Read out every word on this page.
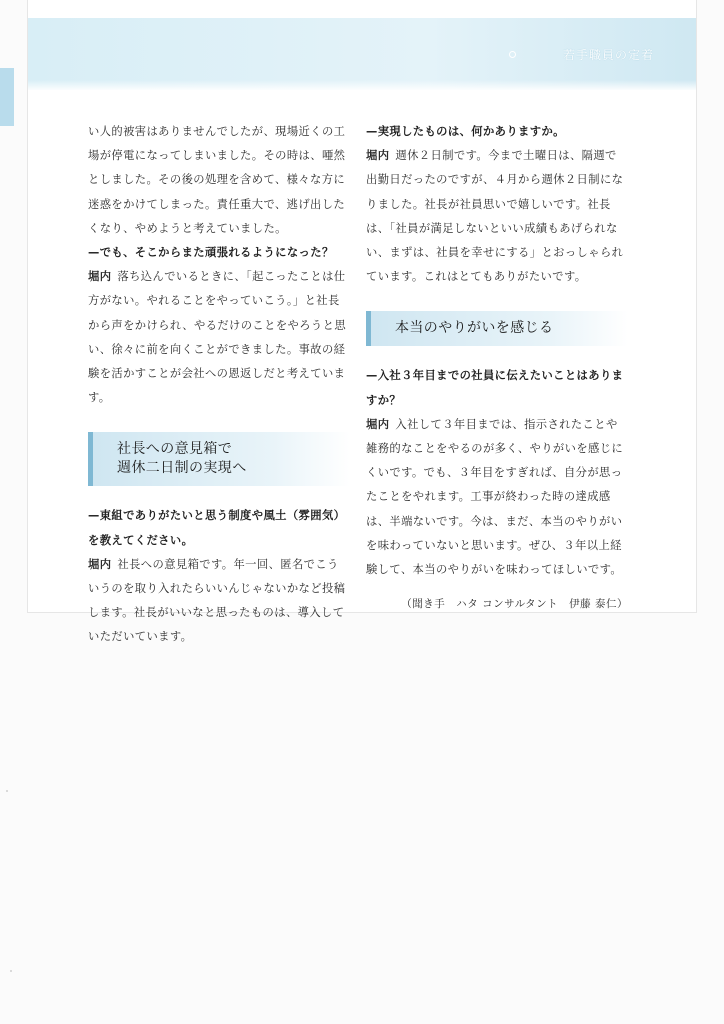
若手職員の定着

い人的被害はありませんでしたが、現場近くの工場が停電になってしまいました。その時は、唖然としました。その後の処理を含めて、様々な方に迷惑をかけてしまった。責任重大で、逃げ出したくなり、やめようと考えていました。

—でも、そこからまた頑張れるようになった？

堀内 落ち込んでいるときに、「起こったことは仕方がない。やれることをやっていこう。」と社長から声をかけられ、やるだけのことをやろうと思い、徐々に前を向くことができました。事故の経験を活かすことが会社への恩返しだと考えています。

社長への意見箱で
週休二日制の実現へ

—東組でありがたいと思う制度や風土（雰囲気）を教えてください。

堀内 社長への意見箱です。年一回、匿名でこういうのを取り入れたらいいんじゃないかなど投稿します。社長がいいなと思ったものは、導入していただいています。

—実現したものは、何かありますか。

堀内 週休２日制です。今まで土曜日は、隔週で出勤日だったのですが、４月から週休２日制になりました。社長が社員思いで嬉しいです。社長は、「社員が満足しないといい成績もあげられない、まずは、社員を幸せにする」とおっしゃられています。これはとてもありがたいです。

本当のやりがいを感じる

—入社３年目までの社員に伝えたいことはありますか？

堀内 入社して３年目までは、指示されたことや雑務的なことをやるのが多く、やりがいを感じにくいです。でも、３年目をすぎれば、自分が思ったことをやれます。工事が終わった時の達成感は、半端ないです。今は、まだ、本当のやりがいを味わっていないと思います。ぜひ、３年以上経験して、本当のやりがいを味わってほしいです。

（聞き手　ハタ コンサルタント　伊藤 泰仁）
